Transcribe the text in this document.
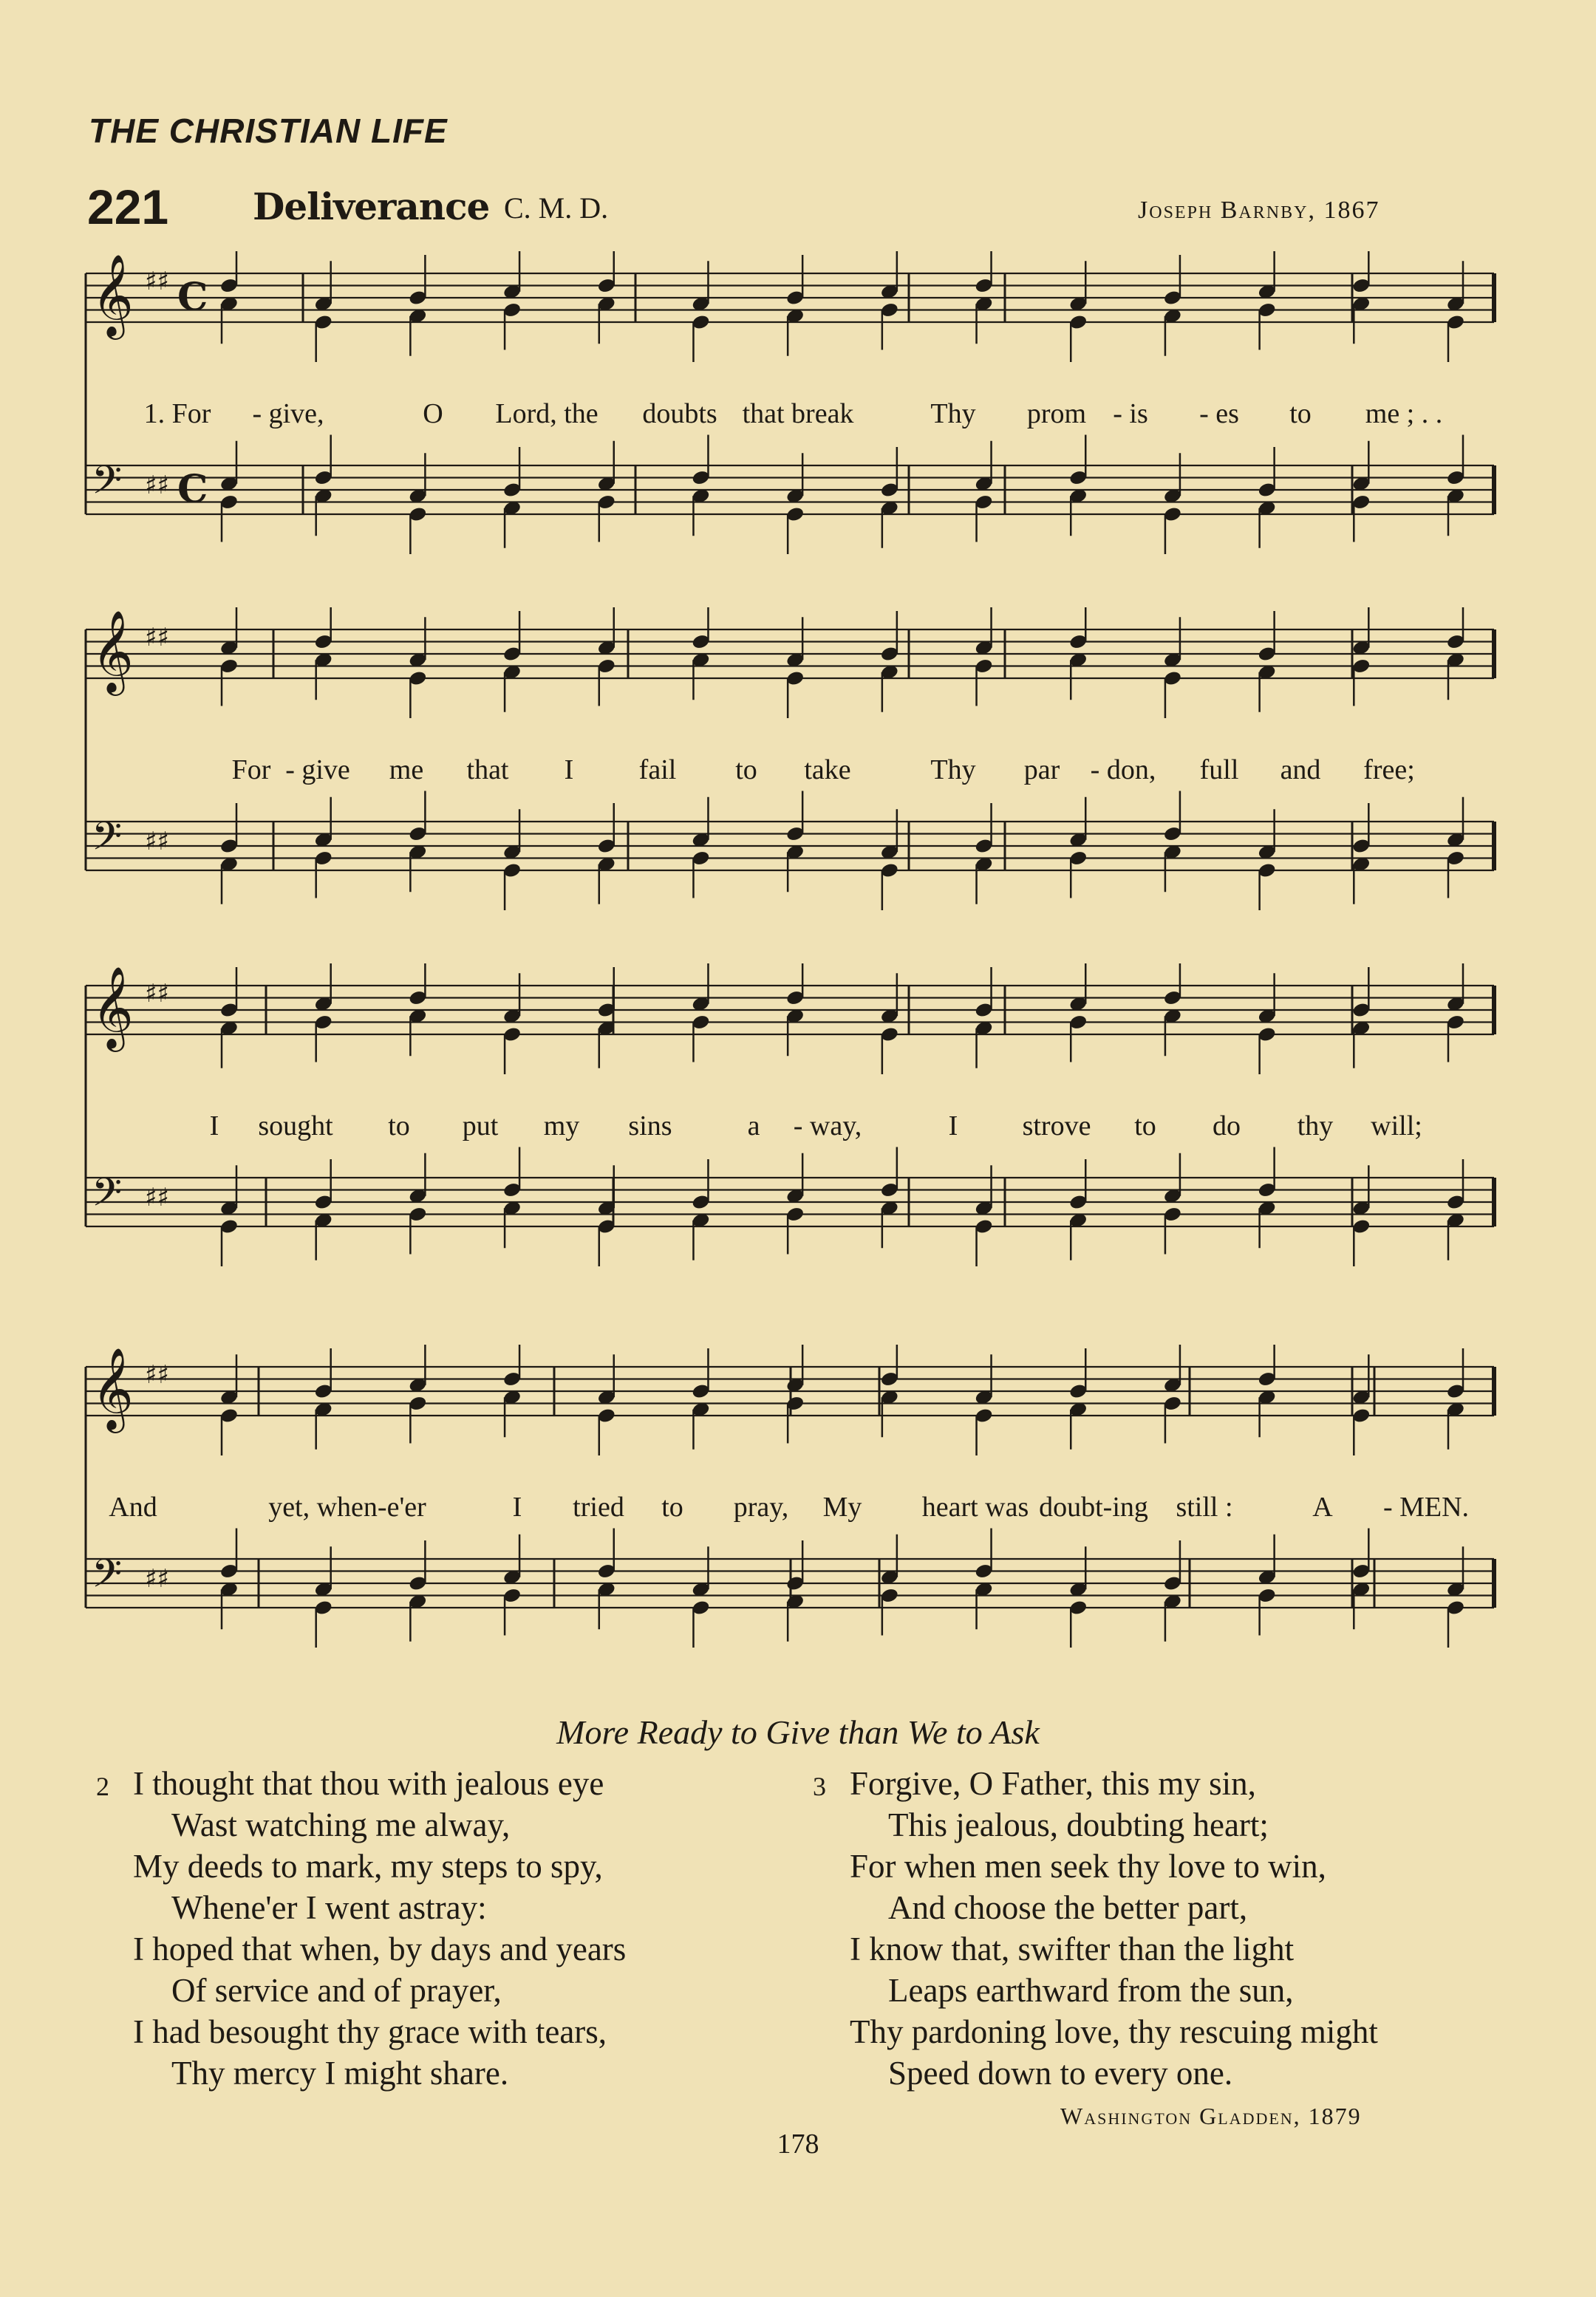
THE CHRISTIAN LIFE
221 Deliverance C. M. D.	Joseph Barnby, 1867
𝄞 ♯♯ C
𝄢 ♯♯ C
1. For - give,	O Lord, the doubts that break	Thy prom - is - es to me ; . .
𝄞 ♯♯
𝄢 ♯♯
For - give me that I fail to take	Thy par - don, full and free;
𝄞 ♯♯
𝄢 ♯♯
I sought to put my sins	a - way,	I strove to do thy will;
𝄞 ♯♯
𝄢 ♯♯
And	yet, when-e'er	I tried to pray, My heart was doubt-ing still :	A - MEN.
More Ready to Give than We to Ask
2 I thought that thou with jealous eye
Wast watching me alway,
My deeds to mark, my steps to spy,
Whene'er I went astray:
I hoped that when, by days and years
Of service and of prayer,
I had besought thy grace with tears,
Thy mercy I might share.
3 Forgive, O Father, this my sin,
This jealous, doubting heart;
For when men seek thy love to win,
And choose the better part,
I know that, swifter than the light
Leaps earthward from the sun,
Thy pardoning love, thy rescuing might
Speed down to every one.
Washington Gladden, 1879
178
